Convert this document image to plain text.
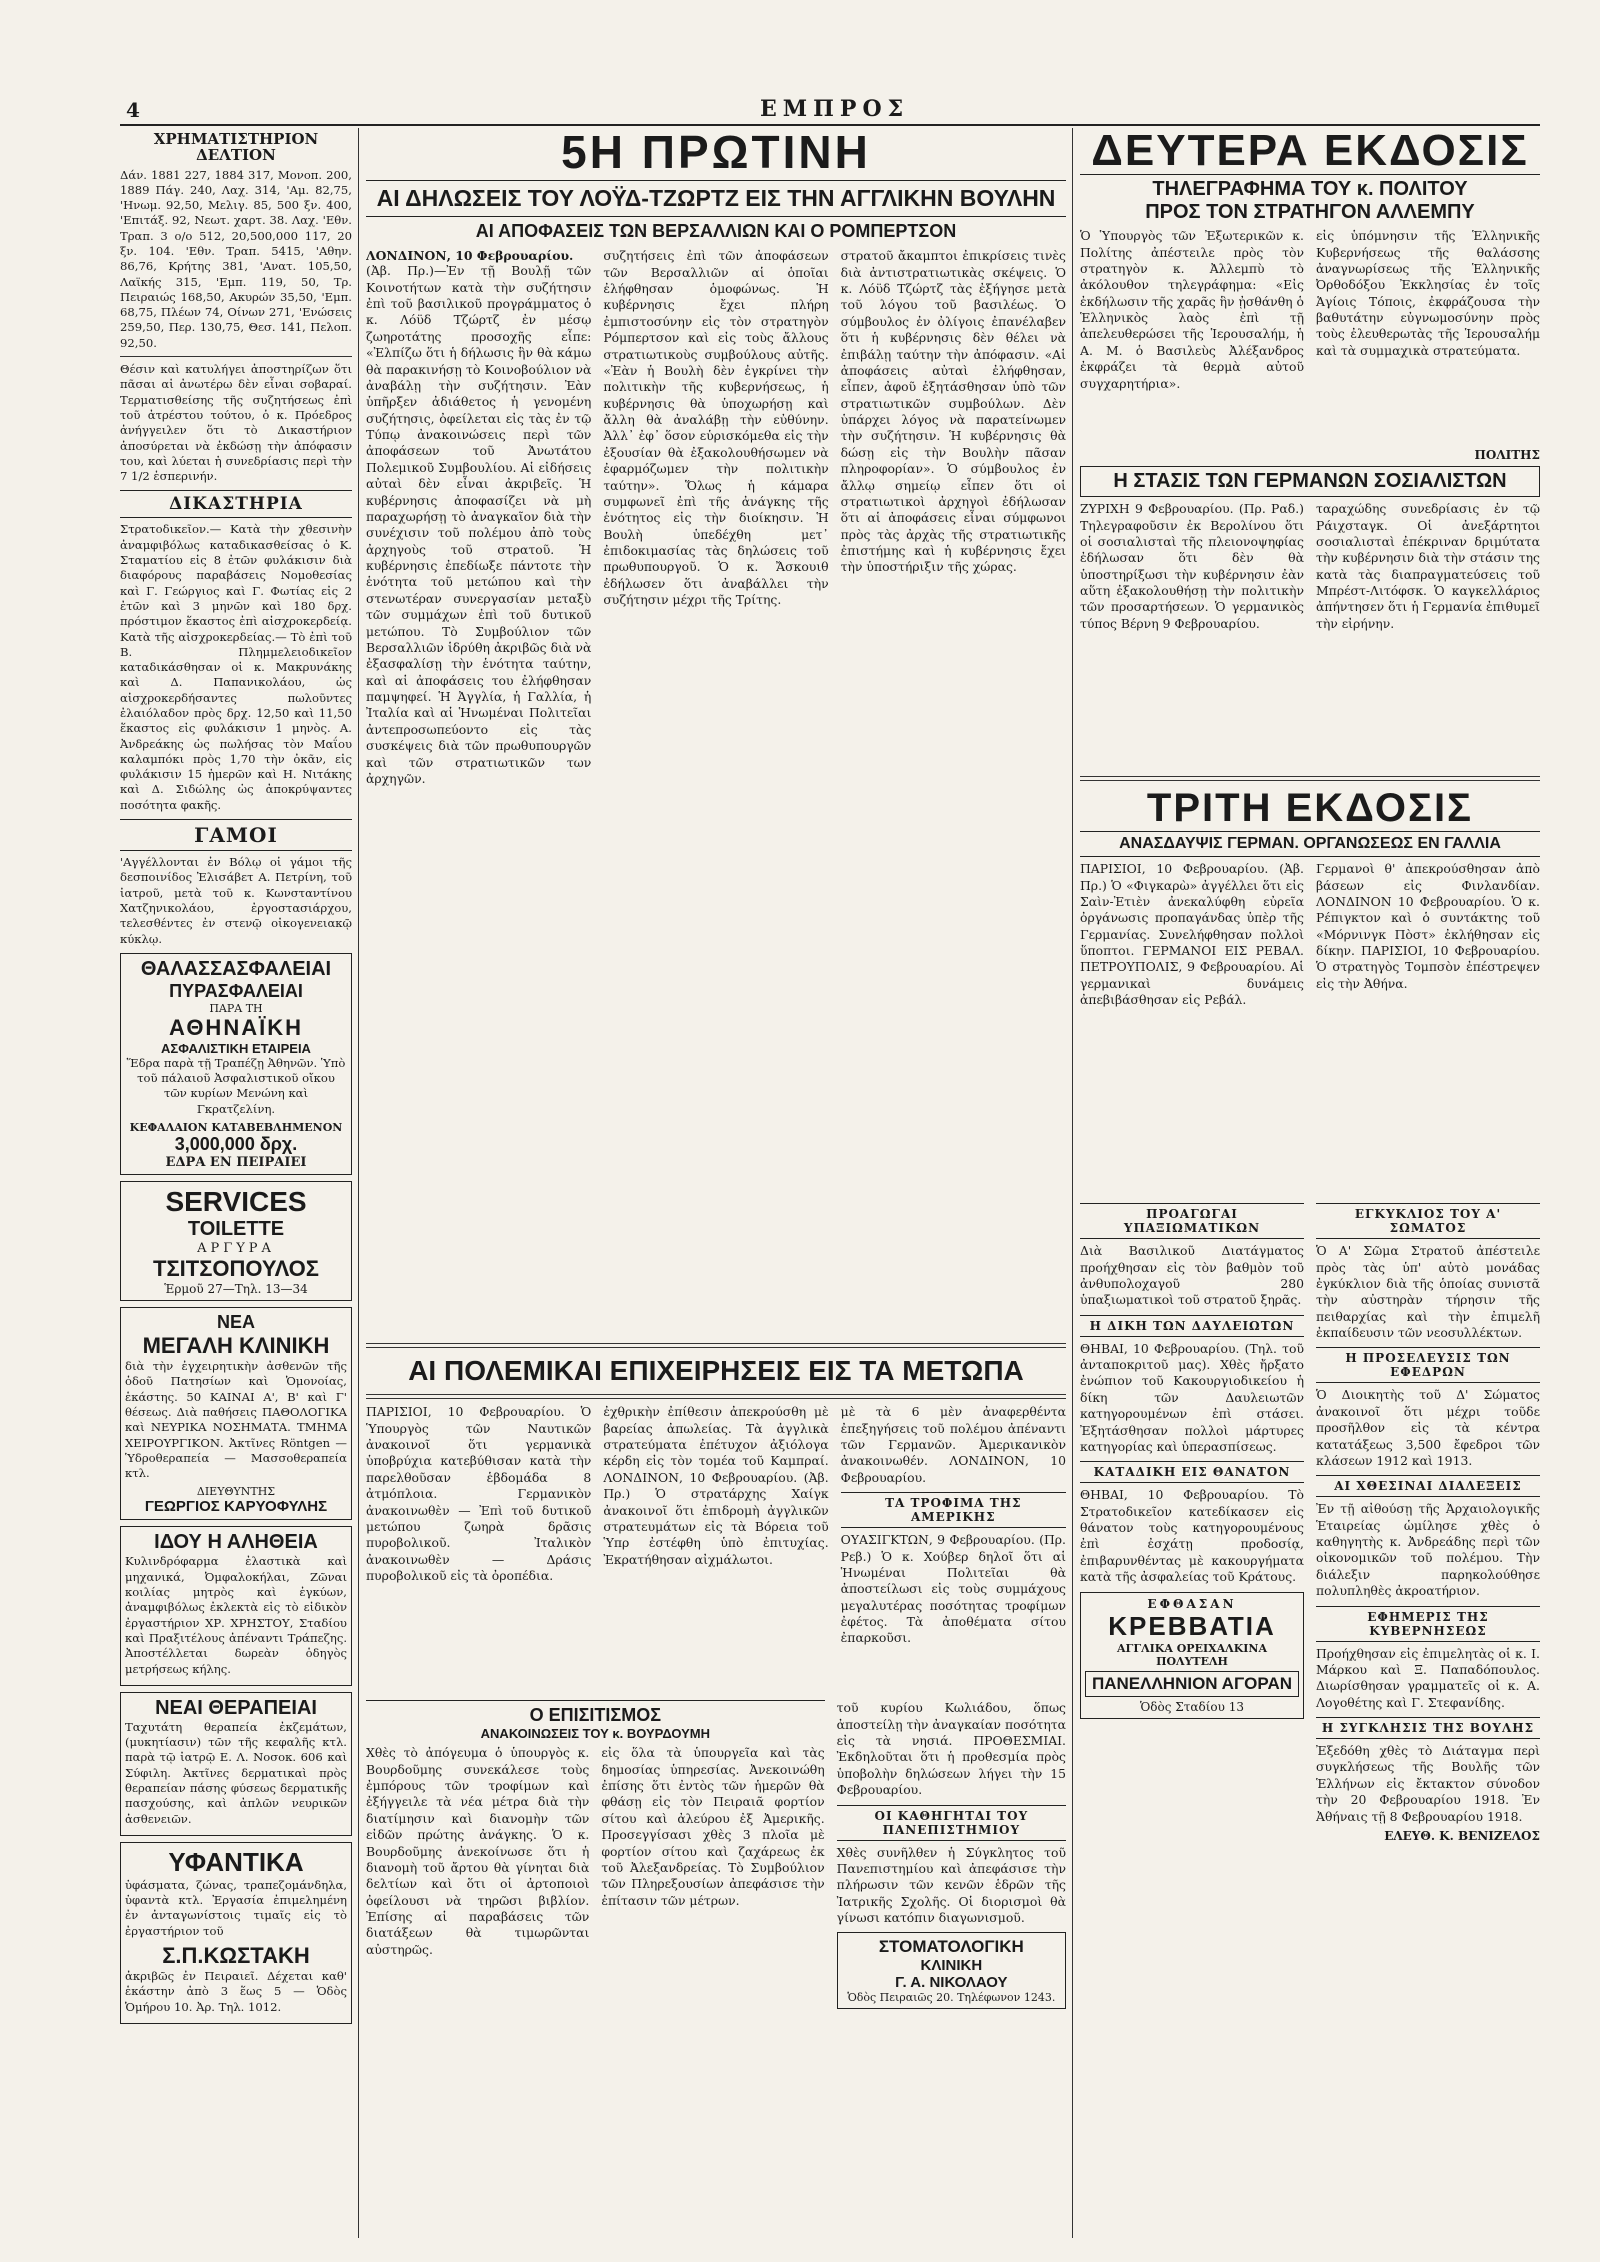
4	ΕΜΠΡΟΣ
ΧΡΗΜΑΤΙΣΤΗΡΙΟΝ ΔΕΛΤΙΟΝ

Δάν. 1881 227, 1884 317, Μονοπ. 200, 1889 Πάγ. 240, Λαχ. 314, 'Αμ. 82,75, 'Ηνωμ. 92,50, Μελιγ. 85, 500 ξν. 400, 'Επιτάξ. 92, Νεωτ. χαρτ. 38. Λαχ. 'Εθν. Τραπ. 3 ο/ο 512, 20,500,000 117, 20 ξν. 104. 'Εθν. Τραπ. 5415, 'Αθην. 86,76, Κρήτης 381, 'Ανατ. 105,50, Λαϊκής 315, 'Εμπ. 119, 50, Τρ. Πειραιώς 168,50, Ακυρών 35,50, 'Εμπ. 68,75, Πλέων 74, Οίνων 271, 'Ενώσεις 259,50, Περ. 130,75, Θεσ. 141, Πελοπ. 92,50.

Θέσιν καὶ κατυλήγει ἀποστηρίζων ὅτι πᾶσαι αἱ ἀνωτέρω δὲν εἶναι σοβαραί. Τερματισθείσης τῆς συζητήσεως ἐπὶ τοῦ ἀτρέστου τούτου, ὁ κ. Πρόεδρος ἀνήγγειλεν ὅτι τὸ Δικαστήριον ἀποσύρεται νὰ ἐκδώσῃ τὴν ἀπόφασιν του, καὶ λύεται ἡ συνεδρίασις περὶ τὴν 7 1/2 ἑσπερινήν.

ΔΙΚΑΣΤΗΡΙΑ

Στρατοδικεῖον.— Κατὰ τὴν χθεσινὴν ἀναμφιβόλως καταδικασθείσας ὁ Κ. Σταματίου εἰς 8 ἐτῶν φυλάκισιν διὰ διαφόρους παραβάσεις Νομοθεσίας καὶ Γ. Γεώργιος καὶ Γ. Φωτίας εἰς 2 ἐτῶν καὶ 3 μηνῶν καὶ 180 δρχ. πρόστιμον ἕκαστος ἐπὶ αἰσχροκερδείᾳ. Κατὰ τῆς αἰσχροκερδείας.— Τὸ ἐπὶ τοῦ Β. Πλημμελειοδικεῖον καταδικάσθησαν οἱ κ. Μακρυνάκης καὶ Δ. Παπανικολάου, ὡς αἰσχροκερδήσαντες πωλοῦντες ἐλαιόλαδον πρὸς δρχ. 12,50 καὶ 11,50 ἕκαστος εἰς φυλάκισιν 1 μηνὸς. Α. Ἀνδρεάκης ὡς πωλήσας τὸν Μαΐου καλαμπόκι πρὸς 1,70 τὴν ὀκᾶν, εἰς φυλάκισιν 15 ἡμερῶν καὶ Η. Νιτάκης καὶ Δ. Σιδώλης ὡς ἀποκρύψαντες ποσότητα φακῆς.

ΓΑΜΟΙ

'Αγγέλλονται ἐν Βόλῳ οἱ γάμοι τῆς δεσποινίδος Ἐλισάβετ Α. Πετρίνη, τοῦ ἰατροῦ, μετὰ τοῦ κ. Κωνσταντίνου Χατζηνικολάου, ἐργοστασιάρχου, τελεσθέντες ἐν στενῷ οἰκογενειακῷ κύκλῳ.

ΘΑΛΑΣΣΑΣΦΑΛΕΙΑΙ
ΠΥΡΑΣΦΑΛΕΙΑΙ
ΠΑΡΑ ΤΗ
ΑΘΗΝΑΪΚΗ
ΑΣΦΑΛΙΣΤΙΚΗ ΕΤΑΙΡΕΙΑ
Ἕδρα παρὰ τῇ Τραπέζῃ Ἀθηνῶν. Ὑπὸ τοῦ πάλαιοῦ Ἀσφαλιστικοῦ οἴκου τῶν κυρίων Μενώνη καὶ Γκρατζελίνη.
ΚΕΦΑΛΑΙΟΝ ΚΑΤΑΒΕΒΛΗΜΕΝΟΝ
3,000,000 δρχ.
ΕΔΡΑ ΕΝ ΠΕΙΡΑΙΕΙ
SERVICES
TOILETTE
ΑΡΓΥΡΑ
ΤΣΙΤΣΟΠΟΥΛΟΣ
Ἑρμοῦ 27—Τηλ. 13—34
ΝΕΑ
ΜΕΓΑΛΗ ΚΛΙΝΙΚΗ

διὰ τὴν ἐγχειρητικὴν ἀσθενῶν τῆς ὁδοῦ Πατησίων καὶ Ὁμονοίας, ἑκάστης. 50 ΚΑΙΝΑΙ Α', Β' καὶ Γ' θέσεως. Διὰ παθήσεις ΠΑΘΟΛΟΓΙΚΑ καὶ ΝΕΥΡΙΚΑ ΝΟΣΗΜΑΤΑ. ΤΜΗΜΑ ΧΕΙΡΟΥΡΓΙΚΟΝ. Ἀκτῖνες Röntgen — Ὑδροθεραπεία — Μασσοθεραπεία κτλ.

ΔΙΕΥΘΥΝΤΗΣ
ΓΕΩΡΓΙΟΣ ΚΑΡΥΟΦΥΛΗΣ
ΙΔΟΥ Η ΑΛΗΘΕΙΑ

Κυλινδρόφαρμα ἐλαστικὰ καὶ μηχανικά, Ὀμφαλοκήλαι, Ζῶναι κοιλίας μητρὸς καὶ ἐγκύων, ἀναμφιβόλως ἐκλεκτὰ εἰς τὸ εἰδικὸν ἐργαστήριον ΧΡ. ΧΡΗΣΤΟΥ, Σταδίου καὶ Πραξιτέλους ἀπέναντι Τράπεζης. Ἀποστέλλεται δωρεὰν ὁδηγὸς μετρήσεως κήλης.

ΝΕΑΙ ΘΕΡΑΠΕΙΑΙ

Ταχυτάτη θεραπεία ἐκζεμάτων, (μυκητίασιν) τῶν τῆς κεφαλῆς κτλ. παρὰ τῷ ἰατρῷ Ε. Λ. Νοσοκ. 606 καὶ Σύφιλη. Ἀκτῖνες δερματικαὶ πρὸς θεραπείαν πάσης φύσεως δερματικῆς πασχούσης, καὶ ἀπλῶν νευρικῶν ἀσθενειῶν.

ΥΦΑΝΤΙΚΑ

ὑφάσματα, ζώνας, τραπεζομάνδηλα, ὑφαντὰ κτλ. Ἐργασία ἐπιμελημένη ἐν ἀνταγωνίστοις τιμαῖς εἰς τὸ ἐργαστήριον τοῦ

Σ.Π.ΚΩΣΤΑΚΗ

ἀκριβῶς ἐν Πειραιεῖ. Δέχεται καθ' ἑκάστην ἀπὸ 3 ἕως 5 — Ὁδὸς Ὁμήρου 10. Ἀρ. Τηλ. 1012.

5Η ΠΡΩΤΙΝΗ
ΑΙ ΔΗΛΩΣΕΙΣ ΤΟΥ ΛΟΫΔ-ΤΖΩΡΤΖ ΕΙΣ ΤΗΝ ΑΓΓΛΙΚΗΝ ΒΟΥΛΗΝ
ΑΙ ΑΠΟΦΑΣΕΙΣ ΤΩΝ ΒΕΡΣΑΛΛΙΩΝ ΚΑΙ Ο ΡΟΜΠΕΡΤΣΟΝ
ΛΟΝΔΙΝΟΝ, 10 Φεβρουαρίου.

(Ἀβ. Πρ.)—Ἐν τῇ Βουλῇ τῶν Κοινοτήτων κατὰ τὴν συζήτησιν ἐπὶ τοῦ βασιλικοῦ προγράμματος ὁ κ. Λόϋδ Τζώρτζ ἐν μέσῳ ζωηροτάτης προσοχῆς εἶπε: «Ἐλπίζω ὅτι ἡ δήλωσις ἣν θὰ κάμω θὰ παρακινήσῃ τὸ Κοινοβούλιον νὰ ἀναβάλῃ τὴν συζήτησιν. Ἐὰν ὑπῆρξεν ἀδιάθετος ἡ γενομένη συζήτησις, ὀφείλεται εἰς τὰς ἐν τῷ Τύπῳ ἀνακοινώσεις περὶ τῶν ἀποφάσεων τοῦ Ἀνωτάτου Πολεμικοῦ Συμβουλίου. Αἱ εἰδήσεις αὐταὶ δὲν εἶναι ἀκριβεῖς. Ἡ κυβέρνησις ἀποφασίζει νὰ μὴ παραχωρήσῃ τὸ ἀναγκαῖον διὰ τὴν συνέχισιν τοῦ πολέμου ἀπὸ τοὺς ἀρχηγοὺς τοῦ στρατοῦ. Ἡ κυβέρνησις ἐπεδίωξε πάντοτε τὴν ἑνότητα τοῦ μετώπου καὶ τὴν στενωτέραν συνεργασίαν μεταξὺ τῶν συμμάχων ἐπὶ τοῦ δυτικοῦ μετώπου. Τὸ Συμβούλιον τῶν Βερσαλλιῶν ἱδρύθη ἀκριβῶς διὰ νὰ ἐξασφαλίσῃ τὴν ἑνότητα ταύτην, καὶ αἱ ἀποφάσεις του ἐλήφθησαν παμψηφεί. Ἡ Ἀγγλία, ἡ Γαλλία, ἡ Ἰταλία καὶ αἱ Ἡνωμέναι Πολιτεῖαι ἀντεπροσωπεύοντο εἰς τὰς συσκέψεις διὰ τῶν πρωθυπουργῶν καὶ τῶν στρατιωτικῶν των ἀρχηγῶν.

συζητήσεις ἐπὶ τῶν ἀποφάσεων τῶν Βερσαλλιῶν αἱ ὁποῖαι ἐλήφθησαν ὁμοφώνως. Ἡ κυβέρνησις ἔχει πλήρη ἐμπιστοσύνην εἰς τὸν στρατηγὸν Ρόμπερτσον καὶ εἰς τοὺς ἄλλους στρατιωτικοὺς συμβούλους αὐτῆς. «Ἐὰν ἡ Βουλὴ δὲν ἐγκρίνει τὴν πολιτικὴν τῆς κυβερνήσεως, ἡ κυβέρνησις θὰ ὑποχωρήσῃ καὶ ἄλλη θὰ ἀναλάβῃ τὴν εὐθύνην. Ἀλλ᾽ ἐφ᾽ ὅσον εὑρισκόμεθα εἰς τὴν ἐξουσίαν θὰ ἐξακολουθήσωμεν νὰ ἐφαρμόζωμεν τὴν πολιτικὴν ταύτην». Ὅλως ἡ κάμαρα συμφωνεῖ ἐπὶ τῆς ἀνάγκης τῆς ἑνότητος εἰς τὴν διοίκησιν. Ἡ Βουλὴ ὑπεδέχθη μετ᾽ ἐπιδοκιμασίας τὰς δηλώσεις τοῦ πρωθυπουργοῦ. Ὁ κ. Ἄσκουιθ ἐδήλωσεν ὅτι ἀναβάλλει τὴν συζήτησιν μέχρι τῆς Τρίτης.

στρατοῦ ἄκαμπτοι ἐπικρίσεις τινὲς διὰ ἀντιστρατιωτικὰς σκέψεις. Ὁ κ. Λόϋδ Τζώρτζ τὰς ἐξήγησε μετὰ τοῦ λόγου τοῦ βασιλέως. Ὁ σύμβουλος ἐν ὀλίγοις ἐπανέλαβεν ὅτι ἡ κυβέρνησις δὲν θέλει νὰ ἐπιβάλῃ ταύτην τὴν ἀπόφασιν. «Αἱ ἀποφάσεις αὐταὶ ἐλήφθησαν, εἶπεν, ἀφοῦ ἐξητάσθησαν ὑπὸ τῶν στρατιωτικῶν συμβούλων. Δὲν ὑπάρχει λόγος νὰ παρατείνωμεν τὴν συζήτησιν. Ἡ κυβέρνησις θὰ δώσῃ εἰς τὴν Βουλὴν πᾶσαν πληροφορίαν». Ὁ σύμβουλος ἐν ἄλλῳ σημείῳ εἶπεν ὅτι οἱ στρατιωτικοὶ ἀρχηγοὶ ἐδήλωσαν ὅτι αἱ ἀποφάσεις εἶναι σύμφωνοι πρὸς τὰς ἀρχὰς τῆς στρατιωτικῆς ἐπιστήμης καὶ ἡ κυβέρνησις ἔχει τὴν ὑποστήριξιν τῆς χώρας.

ΑΙ ΠΟΛΕΜΙΚΑΙ ΕΠΙΧΕΙΡΗΣΕΙΣ ΕΙΣ ΤΑ ΜΕΤΩΠΑ

ΠΑΡΙΣΙΟΙ, 10 Φεβρουαρίου. Ὁ Ὑπουργὸς τῶν Ναυτικῶν ἀνακοινοῖ ὅτι γερμανικὰ ὑποβρύχια κατεβύθισαν κατὰ τὴν παρελθοῦσαν ἑβδομάδα 8 ἀτμόπλοια. Γερμανικὸν ἀνακοινωθὲν — Ἐπὶ τοῦ δυτικοῦ μετώπου ζωηρὰ δρᾶσις πυροβολικοῦ. Ἰταλικὸν ἀνακοινωθὲν — Δράσις πυροβολικοῦ εἰς τὰ ὀροπέδια.

ἐχθρικὴν ἐπίθεσιν ἀπεκρούσθη μὲ βαρείας ἀπωλείας. Τὰ ἀγγλικὰ στρατεύματα ἐπέτυχον ἀξιόλογα κέρδη εἰς τὸν τομέα τοῦ Καμπραί. ΛΟΝΔΙΝΟΝ, 10 Φεβρουαρίου. (Ἀβ. Πρ.) Ὁ στρατάρχης Χαίγκ ἀνακοινοῖ ὅτι ἐπιδρομὴ ἀγγλικῶν στρατευμάτων εἰς τὰ Βόρεια τοῦ Ὑπρ ἐστέφθη ὑπὸ ἐπιτυχίας. Ἐκρατήθησαν αἰχμάλωτοι.

μὲ τὰ 6 μὲν ἀναφερθέντα ἐπεξηγήσεις τοῦ πολέμου ἀπέναντι τῶν Γερμανῶν. Ἀμερικανικὸν ἀνακοινωθέν. ΛΟΝΔΙΝΟΝ, 10 Φεβρουαρίου.

ΤΑ ΤΡΟΦΙΜΑ ΤΗΣ ΑΜΕΡΙΚΗΣ

ΟΥΑΣΙΓΚΤΩΝ, 9 Φεβρουαρίου. (Πρ. Ρεβ.) Ὁ κ. Χούβερ δηλοῖ ὅτι αἱ Ἡνωμέναι Πολιτεῖαι θὰ ἀποστείλωσι εἰς τοὺς συμμάχους μεγαλυτέρας ποσότητας τροφίμων ἐφέτος. Τὰ ἀποθέματα σίτου ἐπαρκοῦσι.

Ο ΕΠΙΣΙΤΙΣΜΟΣ
ΑΝΑΚΟΙΝΩΣΕΙΣ ΤΟΥ κ. ΒΟΥΡΔΟΥΜΗ

Χθὲς τὸ ἀπόγευμα ὁ ὑπουργὸς κ. Βουρδοῦμης συνεκάλεσε τοὺς ἐμπόρους τῶν τροφίμων καὶ ἐξήγγειλε τὰ νέα μέτρα διὰ τὴν διατίμησιν καὶ διανομὴν τῶν εἰδῶν πρώτης ἀνάγκης. Ὁ κ. Βουρδοῦμης ἀνεκοίνωσε ὅτι ἡ διανομὴ τοῦ ἄρτου θὰ γίνηται διὰ δελτίων καὶ ὅτι οἱ ἀρτοποιοὶ ὀφείλουσι νὰ τηρῶσι βιβλίον. Ἐπίσης αἱ παραβάσεις τῶν διατάξεων θὰ τιμωρῶνται αὐστηρῶς.

εἰς ὅλα τὰ ὑπουργεῖα καὶ τὰς δημοσίας ὑπηρεσίας. Ἀνεκοινώθη ἐπίσης ὅτι ἐντὸς τῶν ἡμερῶν θὰ φθάσῃ εἰς τὸν Πειραιᾶ φορτίον σίτου καὶ ἀλεύρου ἐξ Ἀμερικῆς. Προσεγγίσασι χθὲς 3 πλοῖα μὲ φορτίον σίτου καὶ ζαχάρεως ἐκ τοῦ Ἀλεξανδρείας. Τὸ Συμβούλιον τῶν Πληρεξουσίων ἀπεφάσισε τὴν ἐπίτασιν τῶν μέτρων.

τοῦ κυρίου Κωλιάδου, ὅπως ἀποστείλῃ τὴν ἀναγκαίαν ποσότητα εἰς τὰ νησιά. ΠΡΟΘΕΣΜΙΑΙ. Ἐκδηλοῦται ὅτι ἡ προθεσμία πρὸς ὑποβολὴν δηλώσεων λήγει τὴν 15 Φεβρουαρίου.

ΟΙ ΚΑΘΗΓΗΤΑΙ ΤΟΥ ΠΑΝΕΠΙΣΤΗΜΙΟΥ

Χθὲς συνῆλθεν ἡ Σύγκλητος τοῦ Πανεπιστημίου καὶ ἀπεφάσισε τὴν πλήρωσιν τῶν κενῶν ἑδρῶν τῆς Ἰατρικῆς Σχολῆς. Οἱ διορισμοὶ θὰ γίνωσι κατόπιν διαγωνισμοῦ.

ΣΤΟΜΑΤΟΛΟΓΙΚΗ
ΚΛΙΝΙΚΗ
Γ. Α. ΝΙΚΟΛΑΟΥ
Ὁδὸς Πειραιῶς 20. Τηλέφωνον 1243.
ΔΕΥΤΕΡΑ ΕΚΔΟΣΙΣ
ΤΗΛΕΓΡΑΦΗΜΑ ΤΟΥ κ. ΠΟΛΙΤΟΥ
ΠΡΟΣ ΤΟΝ ΣΤΡΑΤΗΓΟΝ ΑΛΛΕΜΠΥ

Ὁ Ὑπουργὸς τῶν Ἐξωτερικῶν κ. Πολίτης ἀπέστειλε πρὸς τὸν στρατηγὸν κ. Ἀλλεμπὺ τὸ ἀκόλουθον τηλεγράφημα: «Εἰς ἐκδήλωσιν τῆς χαρᾶς ἣν ᾐσθάνθη ὁ Ἑλληνικὸς λαὸς ἐπὶ τῇ ἀπελευθερώσει τῆς Ἱερουσαλήμ, ἡ Α. Μ. ὁ Βασιλεὺς Ἀλέξανδρος ἐκφράζει τὰ θερμὰ αὐτοῦ συγχαρητήρια».

εἰς ὑπόμνησιν τῆς Ἑλληνικῆς Κυβερνήσεως τῆς θαλάσσης ἀναγνωρίσεως τῆς Ἑλληνικῆς Ὀρθοδόξου Ἐκκλησίας ἐν τοῖς Ἁγίοις Τόποις, ἐκφράζουσα τὴν βαθυτάτην εὐγνωμοσύνην πρὸς τοὺς ἐλευθερωτὰς τῆς Ἱερουσαλήμ καὶ τὰ συμμαχικὰ στρατεύματα.

ΠΟΛΙΤΗΣ
Η ΣΤΑΣΙΣ ΤΩΝ ΓΕΡΜΑΝΩΝ ΣΟΣΙΑΛΙΣΤΩΝ

ΖΥΡΙΧΗ 9 Φεβρουαρίου. (Πρ. Ραδ.) Τηλεγραφοῦσιν ἐκ Βερολίνου ὅτι οἱ σοσιαλισταὶ τῆς πλειονοψηφίας ἐδήλωσαν ὅτι δὲν θὰ ὑποστηρίξωσι τὴν κυβέρνησιν ἐὰν αὕτη ἐξακολουθήσῃ τὴν πολιτικὴν τῶν προσαρτήσεων. Ὁ γερμανικὸς τύπος Βέρνη 9 Φεβρουαρίου.

ταραχώδης συνεδρίασις ἐν τῷ Ράιχσταγκ. Οἱ ἀνεξάρτητοι σοσιαλισταὶ ἐπέκριναν δριμύτατα τὴν κυβέρνησιν διὰ τὴν στάσιν της κατὰ τὰς διαπραγματεύσεις τοῦ Μπρέστ-Λιτόφσκ. Ὁ καγκελλάριος ἀπήντησεν ὅτι ἡ Γερμανία ἐπιθυμεῖ τὴν εἰρήνην.

ΤΡΙΤΗ ΕΚΔΟΣΙΣ
ΑΝΑΣΔΑΥΨΙΣ ΓΕΡΜΑΝ. ΟΡΓΑΝΩΣΕΩΣ ΕΝ ΓΑΛΛΙΑ

ΠΑΡΙΣΙΟΙ, 10 Φεβρουαρίου. (Ἀβ. Πρ.) Ὁ «Φιγκαρὼ» ἀγγέλλει ὅτι εἰς Σαὶν-Ἐτιὲν ἀνεκαλύφθη εὐρεῖα ὀργάνωσις προπαγάνδας ὑπὲρ τῆς Γερμανίας. Συνελήφθησαν πολλοὶ ὕποπτοι. ΓΕΡΜΑΝΟΙ ΕΙΣ ΡΕΒΑΛ. ΠΕΤΡΟΥΠΟΛΙΣ, 9 Φεβρουαρίου. Αἱ γερμανικαὶ δυνάμεις ἀπεβιβάσθησαν εἰς Ρεβάλ.

Γερμανοὶ θ' ἀπεκρούσθησαν ἀπὸ βάσεων εἰς Φινλανδίαν. ΛΟΝΔΙΝΟΝ 10 Φεβρουαρίου. Ὁ κ. Ρέπιγκτον καὶ ὁ συντάκτης τοῦ «Μόρνινγκ Πὸστ» ἐκλήθησαν εἰς δίκην. ΠΑΡΙΣΙΟΙ, 10 Φεβρουαρίου. Ὁ στρατηγὸς Τομπσὸν ἐπέστρεψεν εἰς τὴν Ἀθήνα.

ΠΡΟΑΓΩΓΑΙ ΥΠΑΞΙΩΜΑΤΙΚΩΝ

Διὰ Βασιλικοῦ Διατάγματος προήχθησαν εἰς τὸν βαθμὸν τοῦ ἀνθυπολοχαγοῦ 280 ὑπαξιωματικοὶ τοῦ στρατοῦ ξηρᾶς.

Η ΔΙΚΗ ΤΩΝ ΔΑΥΛΕΙΩΤΩΝ

ΘΗΒΑΙ, 10 Φεβρουαρίου. (Τηλ. τοῦ ἀνταποκριτοῦ μας). Χθὲς ἤρξατο ἐνώπιον τοῦ Κακουργιοδικείου ἡ δίκη τῶν Δαυλειωτῶν κατηγορουμένων ἐπὶ στάσει. Ἐξητάσθησαν πολλοὶ μάρτυρες κατηγορίας καὶ ὑπερασπίσεως.

ΚΑΤΑΔΙΚΗ ΕΙΣ ΘΑΝΑΤΟΝ

ΘΗΒΑΙ, 10 Φεβρουαρίου. Τὸ Στρατοδικεῖον κατεδίκασεν εἰς θάνατον τοὺς κατηγορουμένους ἐπὶ ἐσχάτῃ προδοσίᾳ, ἐπιβαρυνθέντας μὲ κακουργήματα κατὰ τῆς ἀσφαλείας τοῦ Κράτους.

ΕΦΘΑΣΑΝ
ΚΡΕΒΒΑΤΙΑ
ΑΓΓΛΙΚΑ ΟΡΕΙΧΑΛΚΙΝΑ ΠΟΛΥΤΕΛΗ
ΠΑΝΕΛΛΗΝΙΟΝ ΑΓΟΡΑΝ
Ὁδὸς Σταδίου 13
ΕΓΚΥΚΛΙΟΣ ΤΟΥ Α' ΣΩΜΑΤΟΣ

Ὁ Α' Σῶμα Στρατοῦ ἀπέστειλε πρὸς τὰς ὑπ' αὐτὸ μονάδας ἐγκύκλιον διὰ τῆς ὁποίας συνιστᾶ τὴν αὐστηρὰν τήρησιν τῆς πειθαρχίας καὶ τὴν ἐπιμελῆ ἐκπαίδευσιν τῶν νεοσυλλέκτων.

Η ΠΡΟΣΕΛΕΥΣΙΣ ΤΩΝ ΕΦΕΔΡΩΝ

Ὁ Διοικητὴς τοῦ Δ' Σώματος ἀνακοινοῖ ὅτι μέχρι τοῦδε προσῆλθον εἰς τὰ κέντρα κατατάξεως 3,500 ἔφεδροι τῶν κλάσεων 1912 καὶ 1913.

ΑΙ ΧΘΕΣΙΝΑΙ ΔΙΑΛΕΞΕΙΣ

Ἐν τῇ αἰθούσῃ τῆς Ἀρχαιολογικῆς Ἑταιρείας ὡμίλησε χθὲς ὁ καθηγητὴς κ. Ἀνδρεάδης περὶ τῶν οἰκονομικῶν τοῦ πολέμου. Τὴν διάλεξιν παρηκολούθησε πολυπληθὲς ἀκροατήριον.

ΕΦΗΜΕΡΙΣ ΤΗΣ ΚΥΒΕΡΝΗΣΕΩΣ

Προήχθησαν εἰς ἐπιμελητὰς οἱ κ. Ι. Μάρκου καὶ Ξ. Παπαδόπουλος. Διωρίσθησαν γραμματεῖς οἱ κ. Α. Λογοθέτης καὶ Γ. Στεφανίδης.

Η ΣΥΓΚΛΗΣΙΣ ΤΗΣ ΒΟΥΛΗΣ

Ἐξεδόθη χθὲς τὸ Διάταγμα περὶ συγκλήσεως τῆς Βουλῆς τῶν Ἑλλήνων εἰς ἔκτακτον σύνοδον τὴν 20 Φεβρουαρίου 1918. Ἐν Ἀθήναις τῇ 8 Φεβρουαρίου 1918.

ΕΛΕΥΘ. Κ. ΒΕΝΙΖΕΛΟΣ
